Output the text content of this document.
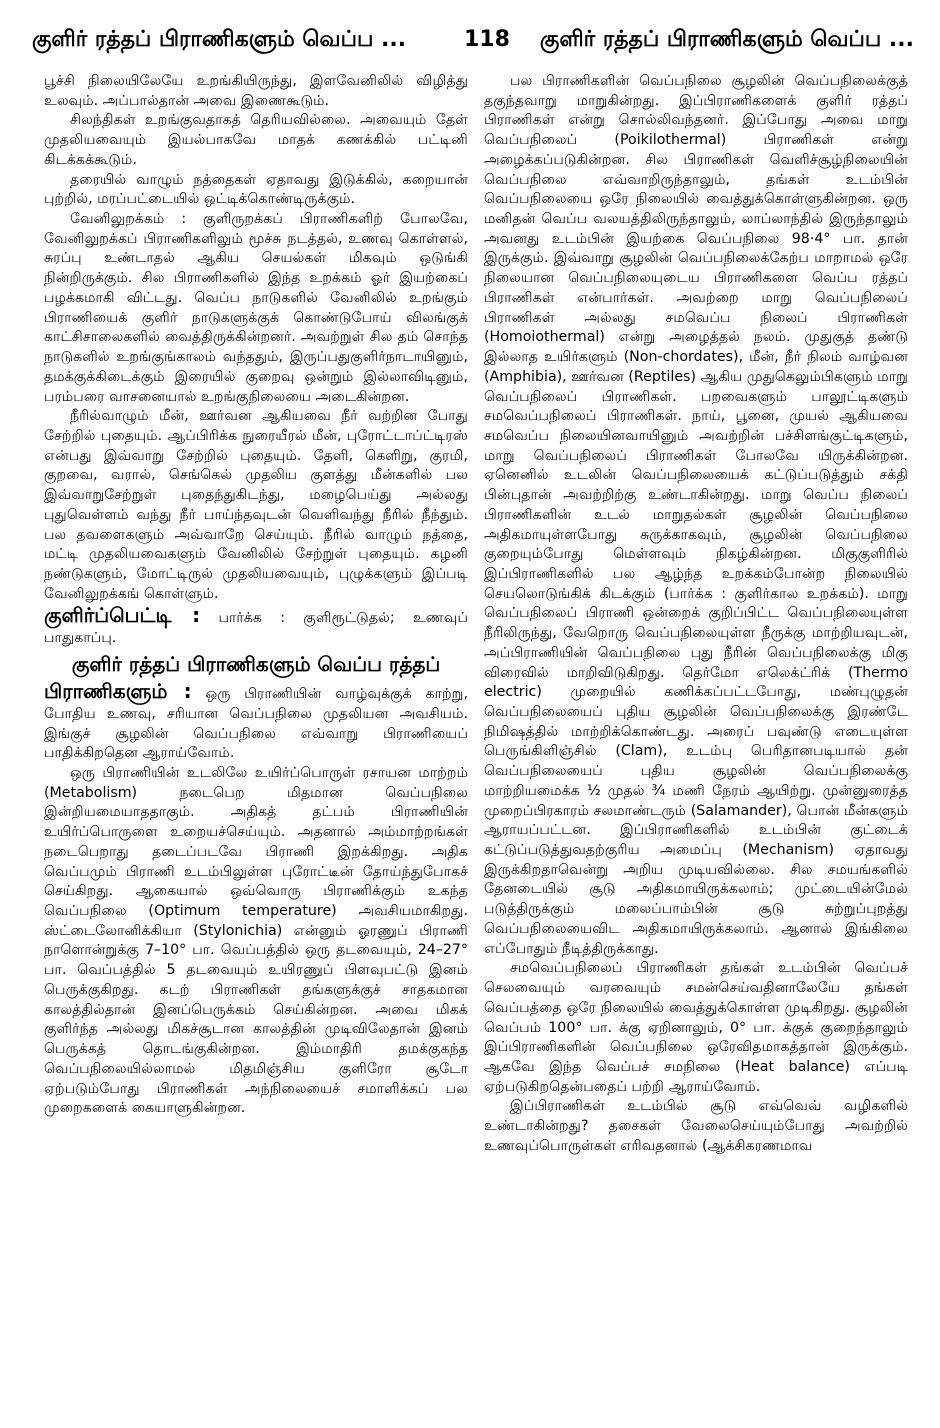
குளிர் ரத்தப் பிராணிகளும் வெப்ப ...	118 குளிர் ரத்தப் பிராணிகளும் வெப்ப ...

பூச்சி நிலையிலேயே உறங்கியிருந்து, இளவேனிலில் விழித்து உலவும். அப்பால்தான் அவை இணைகூடும்.

சிலந்திகள் உறங்குவதாகத் தெரியவில்லை. அவையும் தேள் முதலியவையும் இயல்பாகவே மாதக் கணக்கில் பட்டினி கிடக்கக்கூடும்.

தரையில் வாழும் நத்தைகள் ஏதாவது இடுக்கில், கறையான் புற்றில், மரப்பட்டையில் ஒட்டிக்கொண்டிருக்கும்.

வேனிலுறக்கம் : குளிருறக்கப் பிராணிகளிற் போலவே, வேனிலுறக்கப் பிராணிகளிலும் மூச்சு நடத்தல், உணவு கொள்ளல், சுரப்பு உண்டாதல் ஆகிய செயல்கள் மிகவும் ஒடுங்கி நின்றிருக்கும். சில பிராணிகளில் இந்த உறக்கம் ஓர் இயற்கைப் பழக்கமாகி விட்டது. வெப்ப நாடுகளில் வேனிலில் உறங்கும் பிராணியைக் குளிர் நாடுகளுக்குக் கொண்டுபோய் விலங்குக் காட்சிசாலைகளில் வைத்திருக்கின்றனர். அவற்றுள் சில தம் சொந்த நாடுகளில் உறங்குங்காலம் வந்ததும், இருப்பதுகுளிர்நாடாயினும், தமக்குக்கிடைக்கும் இரையில் குறைவு ஒன்றும் இல்லாவிடினும், பரம்பரை வாசனையால் உறங்குநிலையை அடைகின்றன.

நீரில்வாழும் மீன், ஊர்வன ஆகியவை நீர் வற்றின போது சேற்றில் புதையும். ஆப்பிரிக்க நுரையீரல் மீன், புரோட்டாப்ட்டிரஸ் என்பது இவ்வாறு சேற்றில் புதையும். தேளி, கெளிறு, குரமி, குறவை, வரால், செங்கெல் முதலிய குளத்து மீன்களில் பல இவ்வாறுசேற்றுள் புதைந்துகிடந்து, மழைபெய்து அல்லது புதுவெள்ளம் வந்து நீர் பாய்ந்தவுடன் வெளிவந்து நீரில் நீந்தும். பல தவளைகளும் அவ்வாறே செய்யும். நீரில் வாழும் நத்தை, மட்டி முதலியவைகளும் வேனிலில் சேற்றுள் புதையும். கழனி நண்டுகளும், மோட்டிருல் முதலியவையும், புழுக்களும் இப்படி வேனிலுறக்கங் கொள்ளும்.

குளிர்ப்பெட்டி : பார்க்க : குளிரூட்டுதல்; உணவுப் பாதுகாப்பு.

குளிர் ரத்தப் பிராணிகளும் வெப்ப ரத்தப்
பிராணிகளும் : ஒரு பிராணியின் வாழ்வுக்குக் காற்று, போதிய உணவு, சரியான வெப்பநிலை முதலியன அவசியம். இங்குச் சூழலின் வெப்பநிலை எவ்வாறு பிராணியைப் பாதிக்கிறதென ஆராய்வோம்.

ஒரு பிராணியின் உடலிலே உயிர்ப்பொருள் ரசாயன மாற்றம் (Metabolism) நடைபெற மிதமான வெப்பநிலை இன்றியமையாததாகும். அதிகத் தட்பம் பிராணியின் உயிர்ப்பொருளை உறையச்செய்யும். அதனால் அம்மாற்றங்கள் நடைபெறாது தடைப்படவே பிராணி இறக்கிறது. அதிக வெப்பமும் பிராணி உடம்பிலுள்ள புரோட்டீன் தோய்ந்துபோகச் செய்கிறது. ஆகையால் ஒவ்வொரு பிராணிக்கும் உகந்த வெப்பநிலை (Optimum temperature) அவசியமாகிறது. ஸ்ட்டைலோனிக்கியா (Stylonichia) என்னும் ஓரணுப் பிராணி நாளொன்றுக்கு 7–10° பா. வெப்பத்தில் ஒரு தடவையும், 24–27° பா. வெப்பத்தில் 5 தடவையும் உயிரணுப் பிளவுபட்டு இனம் பெருக்குகிறது. கடற் பிராணிகள் தங்களுக்குச் சாதகமான காலத்தில்தான் இனப்பெருக்கம் செய்கின்றன. அவை மிகக் குளிர்ந்த அல்லது மிகச்சூடான காலத்தின் முடிவிலேதான் இனம் பெருக்கத் தொடங்குகின்றன. இம்மாதிரி தமக்குகந்த வெப்பநிலையில்லாமல் மிதமிஞ்சிய குளிரோ சூடோ ஏற்படும்போது பிராணிகள் அந்நிலையைச் சமாளிக்கப் பல முறைகளைக் கையாளுகின்றன.

பல பிராணிகளின் வெப்பநிலை சூழலின் வெப்பநிலைக்குத் தகுந்தவாறு மாறுகின்றது. இப்பிராணிகளைக் குளிர் ரத்தப் பிராணிகள் என்று சொல்லிவந்தனர். இப்போது அவை மாறு வெப்பநிலைப் (Poikilothermal) பிராணிகள் என்று அழைக்கப்படுகின்றன. சில பிராணிகள் வெளிச்சூழ்நிலையின் வெப்பநிலை எவ்வாறிருந்தாலும், தங்கள் உடம்பின் வெப்பநிலையை ஒரே நிலையில் வைத்துக்கொள்ளுகின்றன. ஒரு மனிதன் வெப்ப வலயத்திலிருந்தாலும், லாப்லாந்தில் இருந்தாலும் அவனது உடம்பின் இயற்கை வெப்பநிலை 98·4° பா. தான் இருக்கும். இவ்வாறு சூழலின் வெப்பநிலைக்கேற்ப மாறாமல் ஒரே நிலையான வெப்பநிலையுடைய பிராணிகளை வெப்ப ரத்தப் பிராணிகள் என்பார்கள். அவற்றை மாறு வெப்பநிலைப் பிராணிகள் அல்லது சமவெப்ப நிலைப் பிராணிகள் (Homoiothermal) என்று அழைத்தல் நலம். முதுகுத் தண்டு இல்லாத உயிர்களும் (Non-chordates), மீன், நீர் நிலம் வாழ்வன (Amphibia), ஊர்வன (Reptiles) ஆகிய முதுகெலும்பிகளும் மாறு வெப்பநிலைப் பிராணிகள். பறவைகளும் பாலூட்டிகளும் சமவெப்பநிலைப் பிராணிகள். நாய், பூனை, முயல் ஆகியவை சமவெப்ப நிலையினவாயினும் அவற்றின் பச்சிளங்குட்டிகளும், மாறு வெப்பநிலைப் பிராணிகள் போலவே யிருக்கின்றன. ஏனெனில் உடலின் வெப்பநிலையைக் கட்டுப்படுத்தும் சக்தி பின்புதான் அவற்றிற்கு உண்டாகின்றது. மாறு வெப்ப நிலைப் பிராணிகளின் உடல் மாறுதல்கள் சூழலின் வெப்பநிலை அதிகமாயுள்ளபோது சுருக்காகவும், சூழலின் வெப்பநிலை குறையும்போது மெள்ளவும் நிகழ்கின்றன. மிகுகுளிரில் இப்பிராணிகளில் பல ஆழ்ந்த உறக்கம்போன்ற நிலையில் செயலொடுங்கிக் கிடக்கும் (பார்க்க : குளிர்கால உறக்கம்). மாறு வெப்பநிலைப் பிராணி ஒன்றைக் குறிப்பிட்ட வெப்பநிலையுள்ள நீரிலிருந்து, வேறொரு வெப்பநிலையுள்ள நீருக்கு மாற்றியவுடன், அப்பிராணியின் வெப்பநிலை புது நீரின் வெப்பநிலைக்கு மிகு விரைவில் மாறிவிடுகிறது. தெர்மோ எலெக்ட்ரிக் (Thermo electric) முறையில் கணிக்கப்பட்டபோது, மண்புழுதன் வெப்பநிலையைப் புதிய சூழலின் வெப்பநிலைக்கு இரண்டே நிமிஷத்தில் மாற்றிக்கொண்டது. அரைப் பவுண்டு எடையுள்ள பெருங்கிளிஞ்சில் (Clam), உடம்பு பெரிதானபடியால் தன் வெப்பநிலையைப் புதிய சூழலின் வெப்பநிலைக்கு மாற்றியமைக்க ½ முதல் ¾ மணி நேரம் ஆயிற்று. முன்னுரைத்த முறைப்பிரகாரம் சலமாண்டரும் (Salamander), பொன் மீன்களும் ஆராயப்பட்டன. இப்பிராணிகளில் உடம்பின் குட்டைக் கட்டுப்படுத்துவதற்குரிய அமைப்பு (Mechanism) ஏதாவது இருக்கிறதாவென்று அறிய முடியவில்லை. சில சமயங்களில் தேனடையில் சூடு அதிகமாயிருக்கலாம்; முட்டையின்மேல் படுத்திருக்கும் மலைப்பாம்பின் சூடு சுற்றுப்புறத்து வெப்பநிலையைவிட அதிகமாயிருக்கலாம். ஆனால் இங்கிலை எப்போதும் நீடித்திருக்காது.

சமவெப்பநிலைப் பிராணிகள் தங்கள் உடம்பின் வெப்பச் செலவையும் வரவையும் சமன்செய்வதினாலேயே தங்கள் வெப்பத்தை ஒரே நிலையில் வைத்துக்கொள்ள முடிகிறது. சூழலின் வெப்பம் 100° பா. க்கு ஏறினாலும், 0° பா. க்குக் குறைந்தாலும் இப்பிராணிகளின் வெப்பநிலை ஒரேவிதமாகத்தான் இருக்கும். ஆகவே இந்த வெப்பச் சமநிலை (Heat balance) எப்படி ஏற்படுகிறதென்பதைப் பற்றி ஆராய்வோம்.

இப்பிராணிகள் உடம்பில் சூடு எவ்வெவ் வழிகளில் உண்டாகின்றது? தசைகள் வேலைசெய்யும்போது அவற்றில் உணவுப்பொருள்கள் எரிவதனால் (ஆக்சிகரணமாவ
